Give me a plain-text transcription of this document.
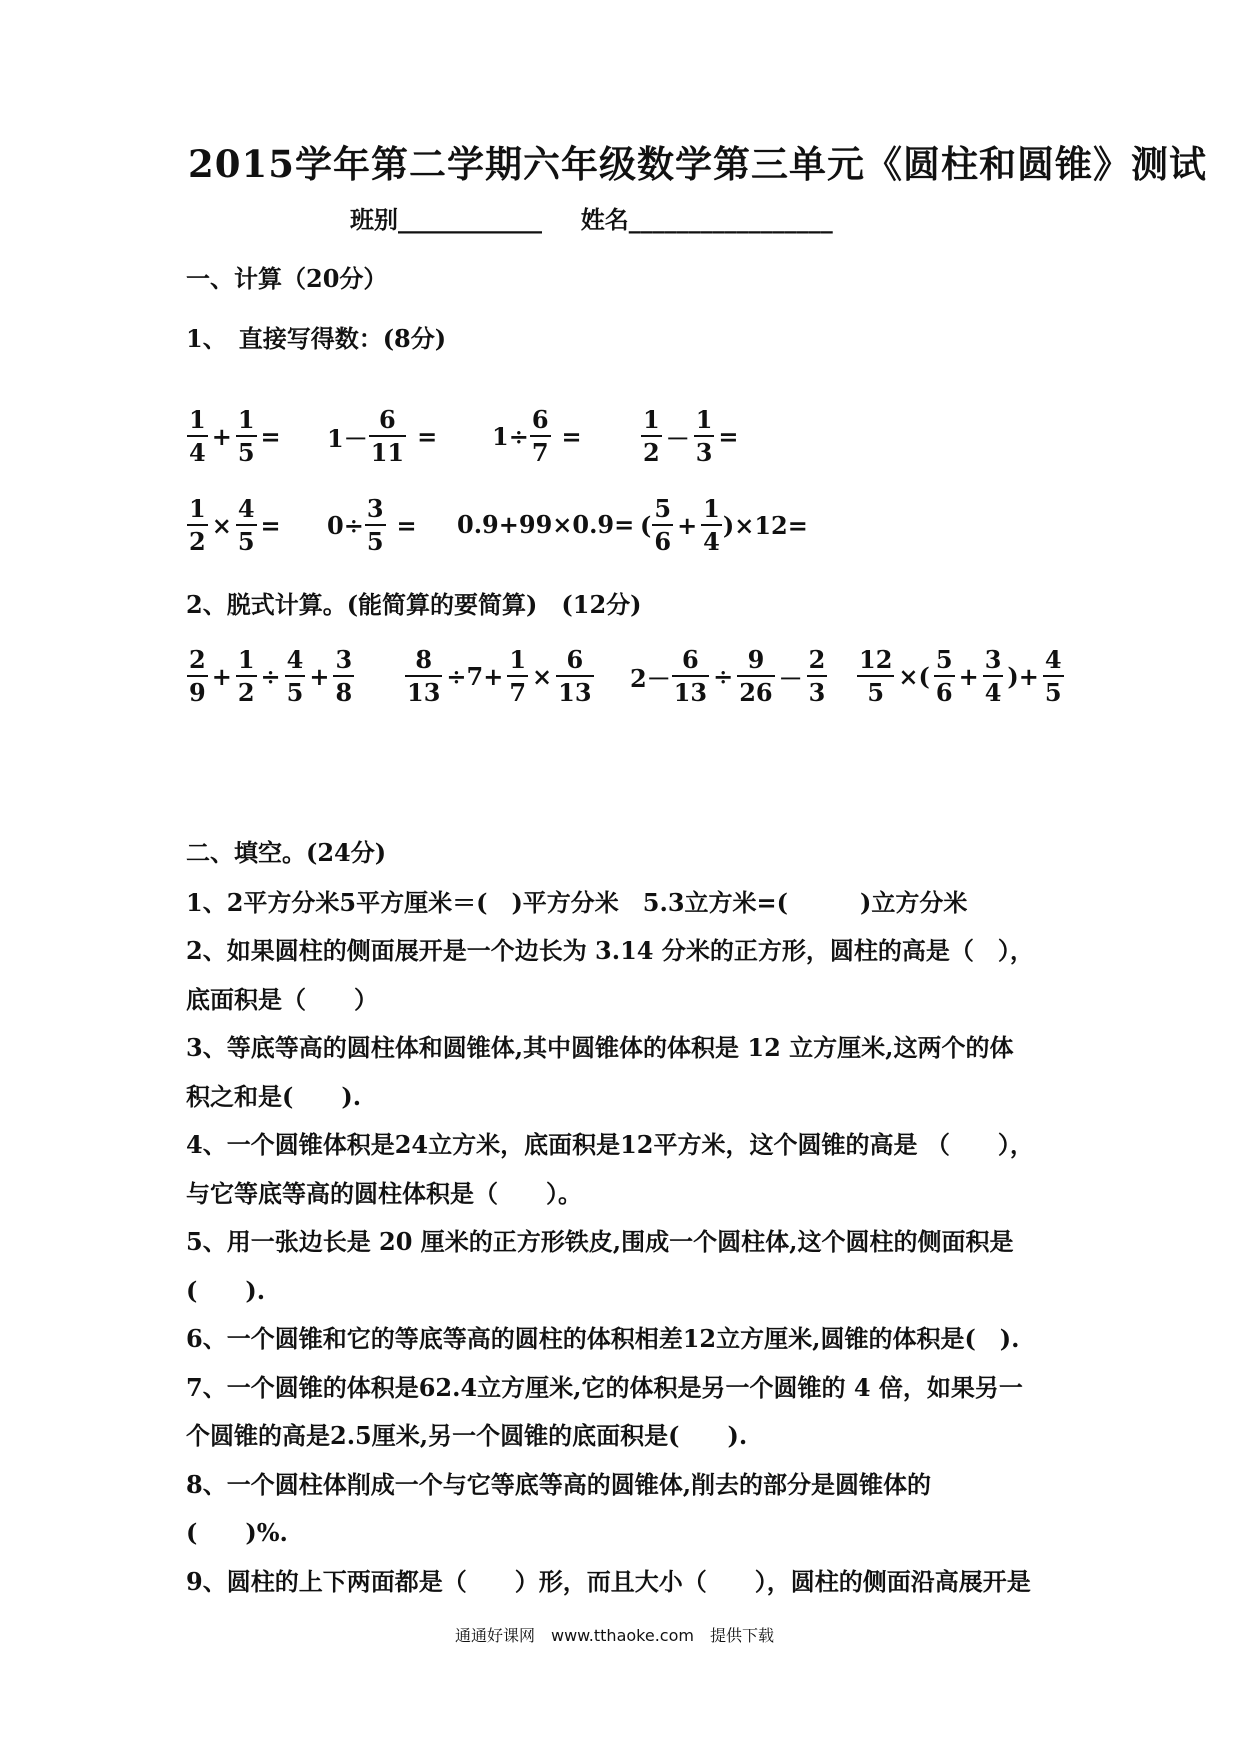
2015学年第二学期六年级数学第三单元《圆柱和圆锥》测试
班别____________ 姓名_________________
一、计算（20分）
1、　直接写得数：(8分)
$\frac{1}{4} + \frac{1}{5} = 1- \frac{6}{11} = 1\div \frac{6}{7} = \frac{1}{2} - \frac{1}{3}$ =
$\frac{1}{2} \times \frac{4}{5} = 0\div \frac{3}{5} = 0.9+99\times 0.9=$ ( $\frac{5}{6} + \frac{1}{4} )\times 12=$
2、脱式计算。(能简算的要简算)　(12分)
$\frac{2}{9} + \frac{1}{2} \div \frac{4}{5} + \frac{3}{8} \frac{8}{13} \div 7+ \frac{1}{7} \times \frac{6}{13} 2- \frac{6}{13} \div \frac{9}{26} - \frac{2}{3} \frac{12}{5}$ ×( $\frac{5}{6} + \frac{3}{4}$ )+ $\frac{4}{5}$
二、填空。(24分)
1、2平方分米5平方厘米＝(　)平方分米　5.3立方米=(　　　)立方分米
2、如果圆柱的侧面展开是一个边长为 3.14 分米的正方形，圆柱的高是（　），
底面积是（　　）
3、等底等高的圆柱体和圆锥体,其中圆锥体的体积是 12 立方厘米,这两个的体
积之和是(　　).
4、一个圆锥体积是24立方米，底面积是12平方米，这个圆锥的高是 （　　），
与它等底等高的圆柱体积是（　　）。
5、用一张边长是 20 厘米的正方形铁皮,围成一个圆柱体,这个圆柱的侧面积是
(　　).
6、一个圆锥和它的等底等高的圆柱的体积相差12立方厘米,圆锥的体积是(　).
7、一个圆锥的体积是62.4立方厘米,它的体积是另一个圆锥的 4 倍，如果另一
个圆锥的高是2.5厘米,另一个圆锥的底面积是(　　).
8、一个圆柱体削成一个与它等底等高的圆锥体,削去的部分是圆锥体的
(　　)%.
9、圆柱的上下两面都是（　　）形，而且大小（　　），圆柱的侧面沿高展开是
通通好课网　www.tthaoke.com　提供下载
